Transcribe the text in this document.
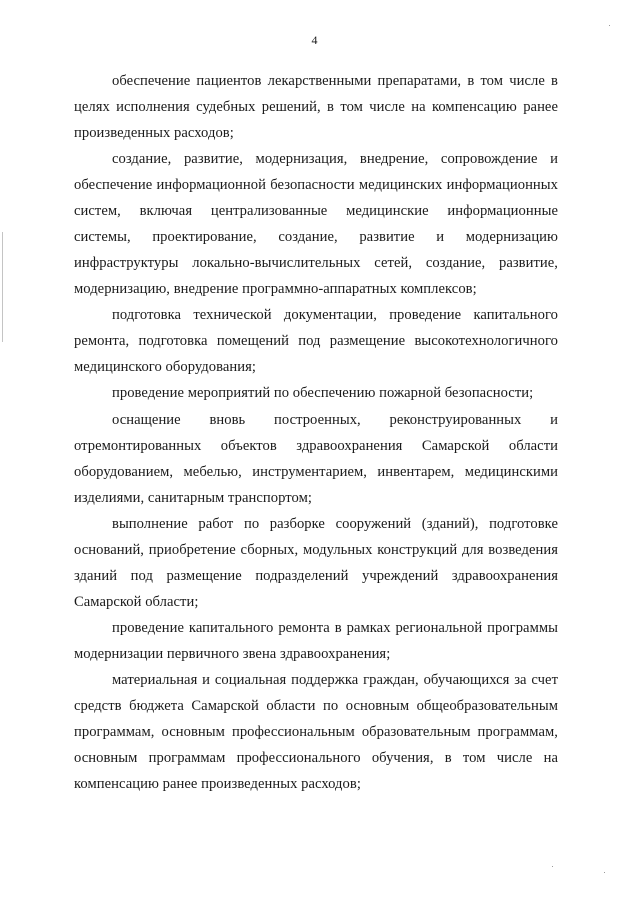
4

обеспечение пациентов лекарственными препаратами, в том числе в целях исполнения судебных решений, в том числе на компенсацию ранее произведенных расходов;

создание, развитие, модернизация, внедрение, сопровождение и обеспечение информационной безопасности медицинских информационных систем, включая централизованные медицинские информационные системы, проектирование, создание, развитие и модернизацию инфраструктуры локально-вычислительных сетей, создание, развитие, модернизацию, внедрение программно-аппаратных комплексов;

подготовка технической документации, проведение капитального ремонта, подготовка помещений под размещение высокотехнологичного медицинского оборудования;

проведение мероприятий по обеспечению пожарной безопасности;

оснащение вновь построенных, реконструированных и отремонтированных объектов здравоохранения Самарской области оборудованием, мебелью, инструментарием, инвентарем, медицинскими изделиями, санитарным транспортом;

выполнение работ по разборке сооружений (зданий), подготовке оснований, приобретение сборных, модульных конструкций для возведения зданий под размещение подразделений учреждений здравоохранения Самарской области;

проведение капитального ремонта в рамках региональной программы модернизации первичного звена здравоохранения;

материальная и социальная поддержка граждан, обучающихся за счет средств бюджета Самарской области по основным общеобразовательным программам, основным профессиональным образовательным программам, основным программам профессионального обучения, в том числе на компенсацию ранее произведенных расходов;
